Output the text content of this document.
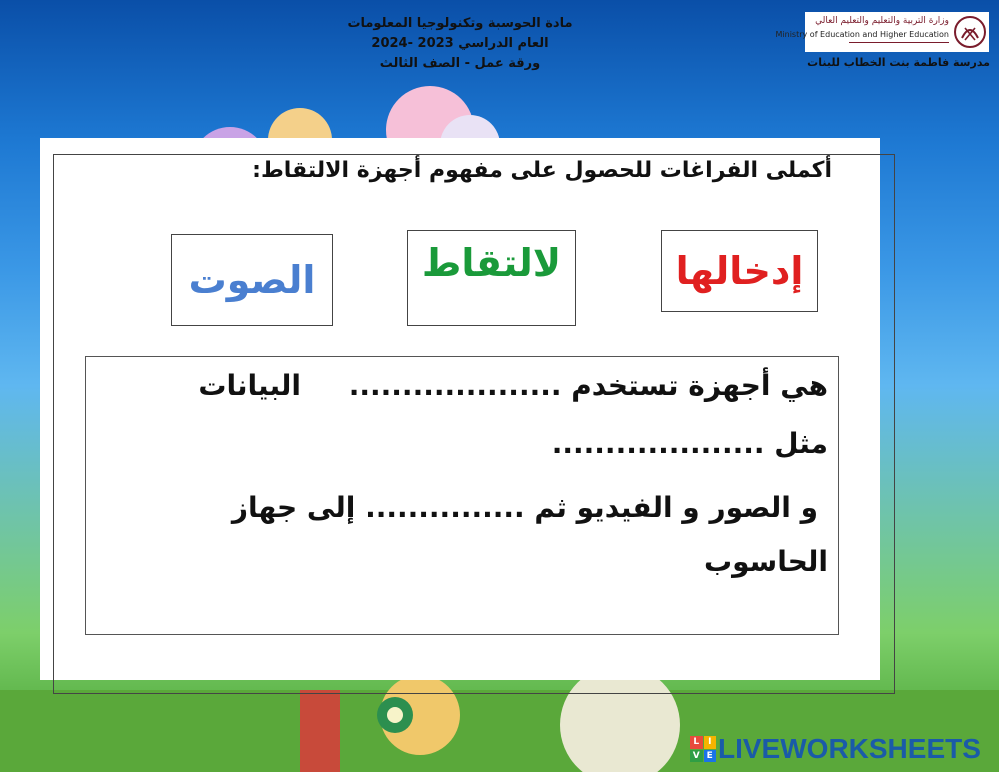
مادة الحوسبة وتكنولوجيا المعلومات
العام الدراسي 2023 -2024
ورقة عمل - الصف الثالث
وزارة التربية والتعليم والتعليم العالي
Ministry of Education and Higher Education
مدرسة فاطمة بنت الخطاب للبنات
أكملى الفراغات للحصول على مفهوم أجهزة الالتقاط:
إدخالها
لالتقاط
الصوت
هي أجهزة تستخدم .................... البيانات
مثل ....................
و الصور و الفيديو ثم ............... إلى جهاز
الحاسوب
L I
V E LIVEWORKSHEETS
